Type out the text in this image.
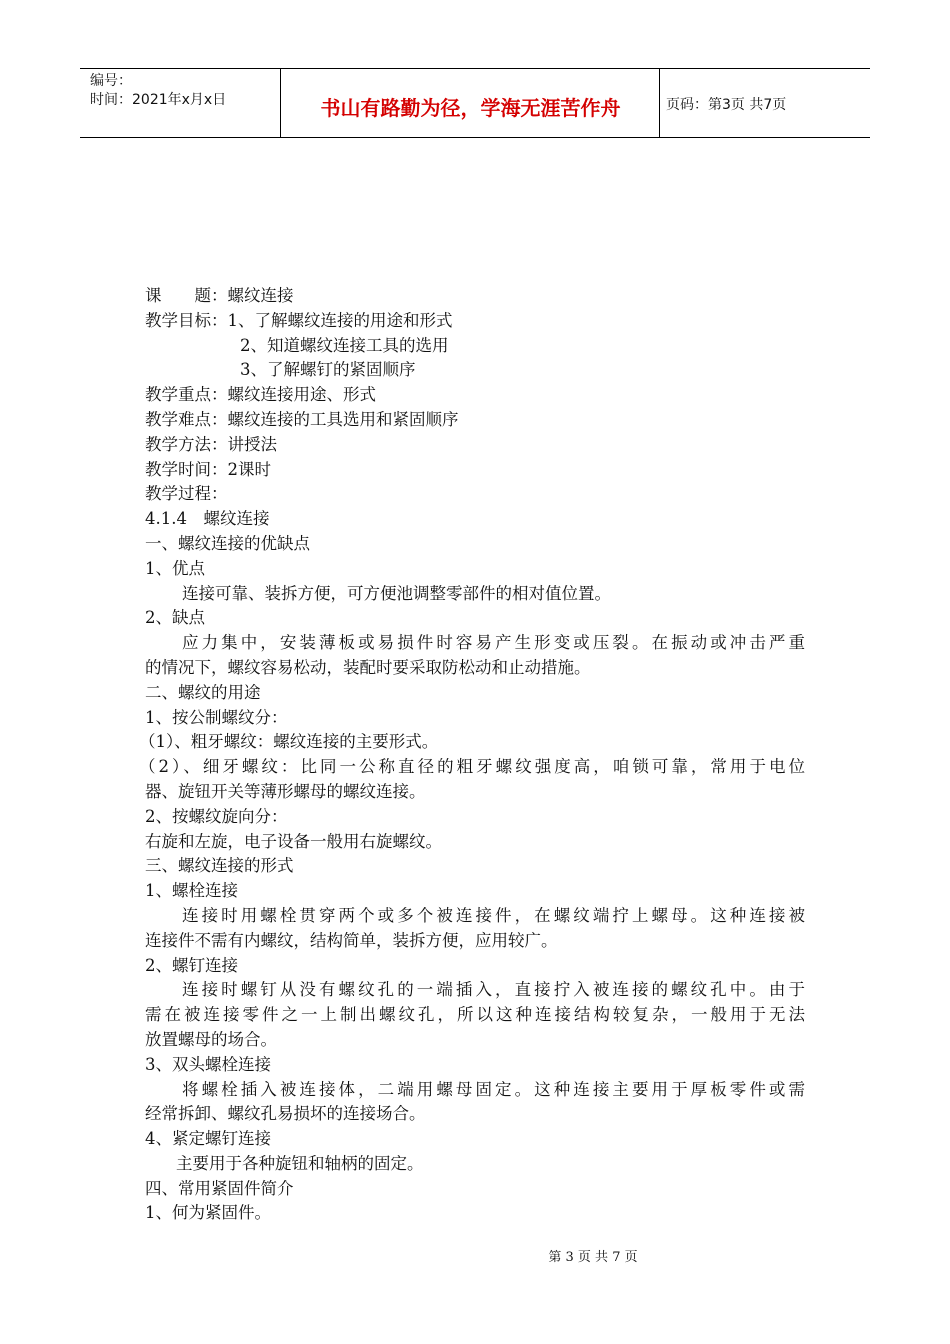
编号：
时间：2021年x月x日	书山有路勤为径，学海无涯苦作舟	页码：第3页 共7页
课　　题：螺纹连接
教学目标：1、了解螺纹连接的用途和形式
2、知道螺纹连接工具的选用
3、了解螺钉的紧固顺序
教学重点：螺纹连接用途、形式
教学难点：螺纹连接的工具选用和紧固顺序
教学方法：讲授法
教学时间：2课时
教学过程：
4.1.4　螺纹连接
一、螺纹连接的优缺点
1、优点
连接可靠、装拆方便，可方便池调整零部件的相对值位置。
2、缺点
应力集中，安装薄板或易损件时容易产生形变或压裂。在振动或冲击严重
的情况下，螺纹容易松动，装配时要采取防松动和止动措施。
二、螺纹的用途
1、按公制螺纹分：
（1）、粗牙螺纹：螺纹连接的主要形式。
（2）、细牙螺纹：比同一公称直径的粗牙螺纹强度高，咱锁可靠，常用于电位
器、旋钮开关等薄形螺母的螺纹连接。
2、按螺纹旋向分：
右旋和左旋，电子设备一般用右旋螺纹。
三、螺纹连接的形式
1、螺栓连接
连接时用螺栓贯穿两个或多个被连接件，在螺纹端拧上螺母。这种连接被
连接件不需有内螺纹，结构简单，装拆方便，应用较广。
2、螺钉连接
连接时螺钉从没有螺纹孔的一端插入，直接拧入被连接的螺纹孔中。由于
需在被连接零件之一上制出螺纹孔，所以这种连接结构较复杂，一般用于无法
放置螺母的场合。
3、双头螺栓连接
将螺栓插入被连接体，二端用螺母固定。这种连接主要用于厚板零件或需
经常拆卸、螺纹孔易损坏的连接场合。
4、紧定螺钉连接
主要用于各种旋钮和轴柄的固定。
四、常用紧固件简介
1、何为紧固件。
第 3 页 共 7 页
